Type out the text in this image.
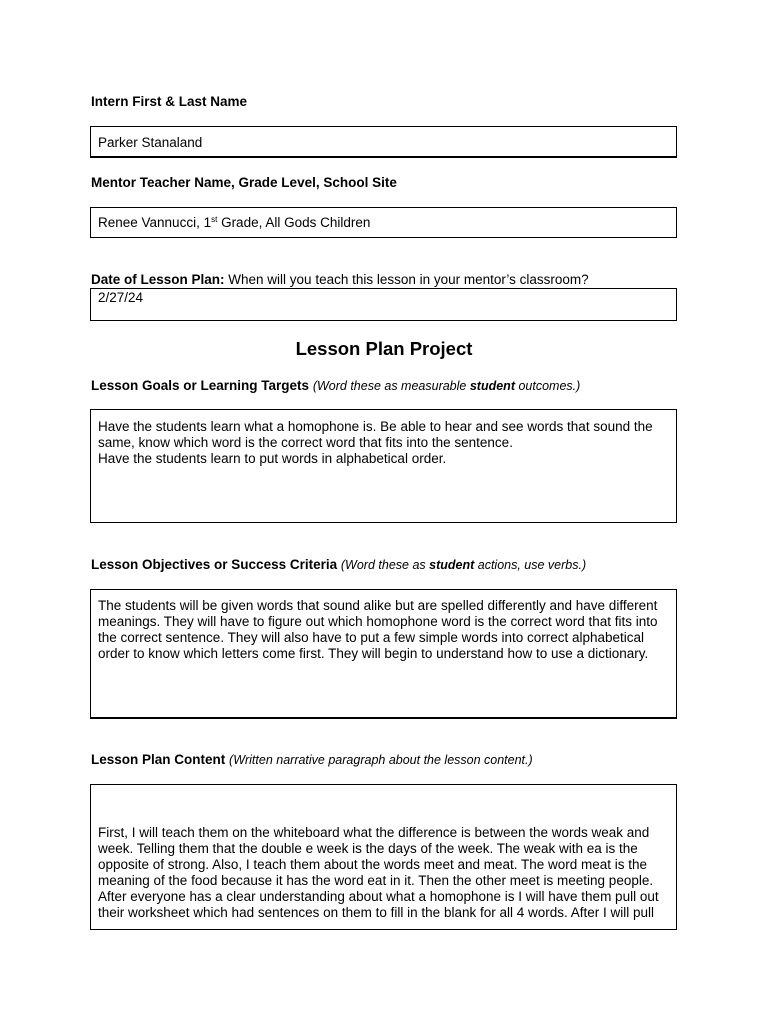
Intern First & Last Name
Parker Stanaland
Mentor Teacher Name, Grade Level, School Site
Renee Vannucci, 1st Grade, All Gods Children
Date of Lesson Plan: When will you teach this lesson in your mentor’s classroom?
2/27/24
Lesson Plan Project
Lesson Goals or Learning Targets (Word these as measurable student outcomes.)

Have the students learn what a homophone is. Be able to hear and see words that sound the same, know which word is the correct word that fits into the sentence.

Have the students learn to put words in alphabetical order.

Lesson Objectives or Success Criteria (Word these as student actions, use verbs.)

The students will be given words that sound alike but are spelled differently and have different meanings. They will have to figure out which homophone word is the correct word that fits into the correct sentence. They will also have to put a few simple words into correct alphabetical order to know which letters come first. They will begin to understand how to use a dictionary.

Lesson Plan Content (Written narrative paragraph about the lesson content.)

First, I will teach them on the whiteboard what the difference is between the words weak and week. Telling them that the double e week is the days of the week. The weak with ea is the opposite of strong. Also, I teach them about the words meet and meat. The word meat is the meaning of the food because it has the word eat in it. Then the other meet is meeting people. After everyone has a clear understanding about what a homophone is I will have them pull out their worksheet which had sentences on them to fill in the blank for all 4 words. After I will pull
